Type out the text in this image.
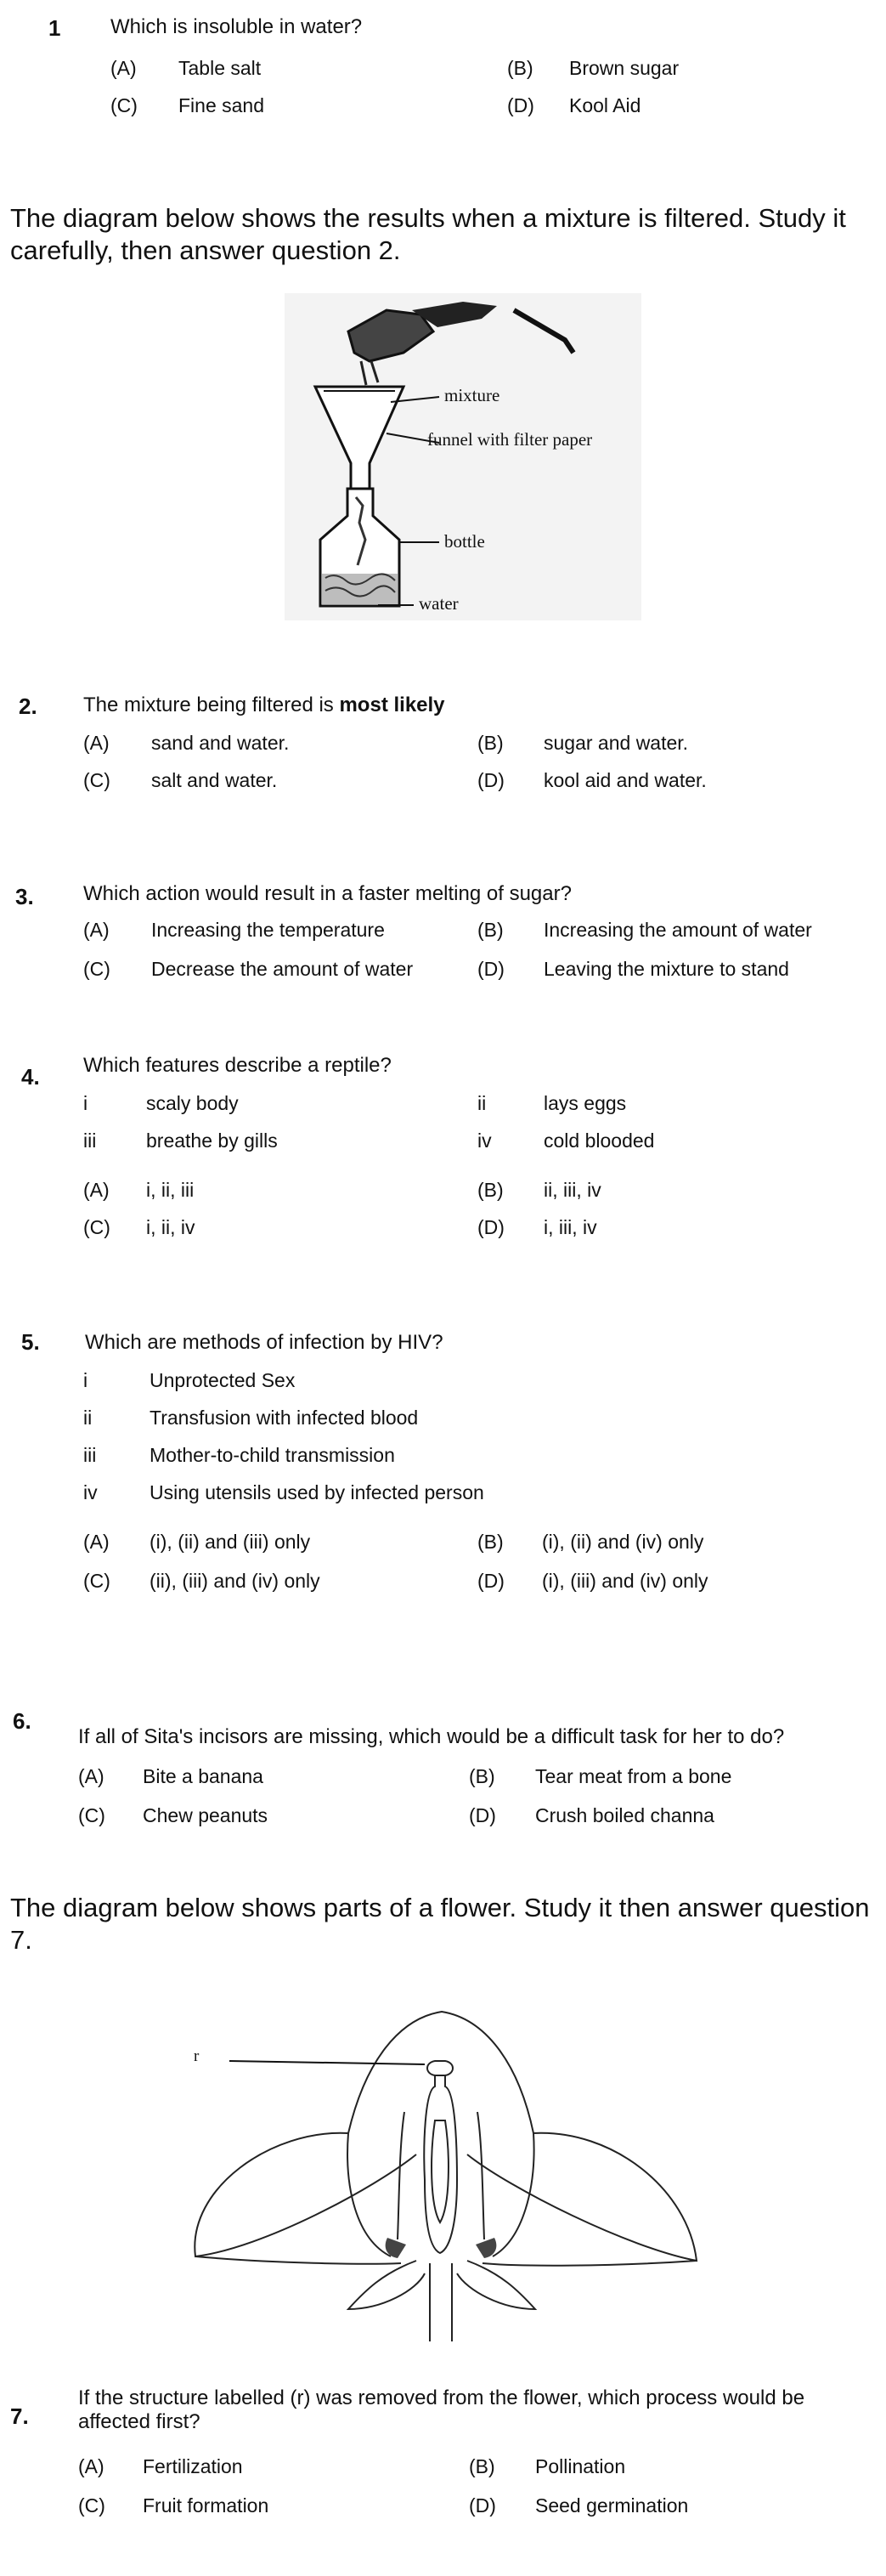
1 Which is insoluble in water?
(A) Table salt	(B) Brown sugar
(C) Fine sand	(D) Kool Aid
The diagram below shows the results when a mixture is filtered. Study it
carefully, then answer question 2.
mixture
funnel with filter paper
bottle
water
2. The mixture being filtered is most likely
(A) sand and water.	(B) sugar and water.
(C) salt and water.	(D) kool aid and water.
3. Which action would result in a faster melting of sugar?
(A) Increasing the temperature	(B) Increasing the amount of water
(C) Decrease the amount of water	(D) Leaving the mixture to stand
4. Which features describe a reptile?
i	scaly body	ii	lays eggs
iii	breathe by gills	iv	cold blooded
(A) i, ii, iii	(B) ii, iii, iv
(C) i, ii, iv	(D) i, iii, iv
5. Which are methods of infection by HIV?
i	Unprotected Sex
ii	Transfusion with infected blood
iii	Mother-to-child transmission
iv	Using utensils used by infected person
(A) (i), (ii) and (iii) only	(B) (i), (ii) and (iv) only
(C) (ii), (iii) and (iv) only	(D) (i), (iii) and (iv) only
6.
If all of Sita's incisors are missing, which would be a difficult task for her to do?
(A) Bite a banana	(B) Tear meat from a bone
(C) Chew peanuts	(D) Crush boiled channa
The diagram below shows parts of a flower. Study it then answer question
7.
r
7.
If the structure labelled (r) was removed from the flower, which process would be
affected first?
(A) Fertilization	(B) Pollination
(C) Fruit formation	(D) Seed germination
